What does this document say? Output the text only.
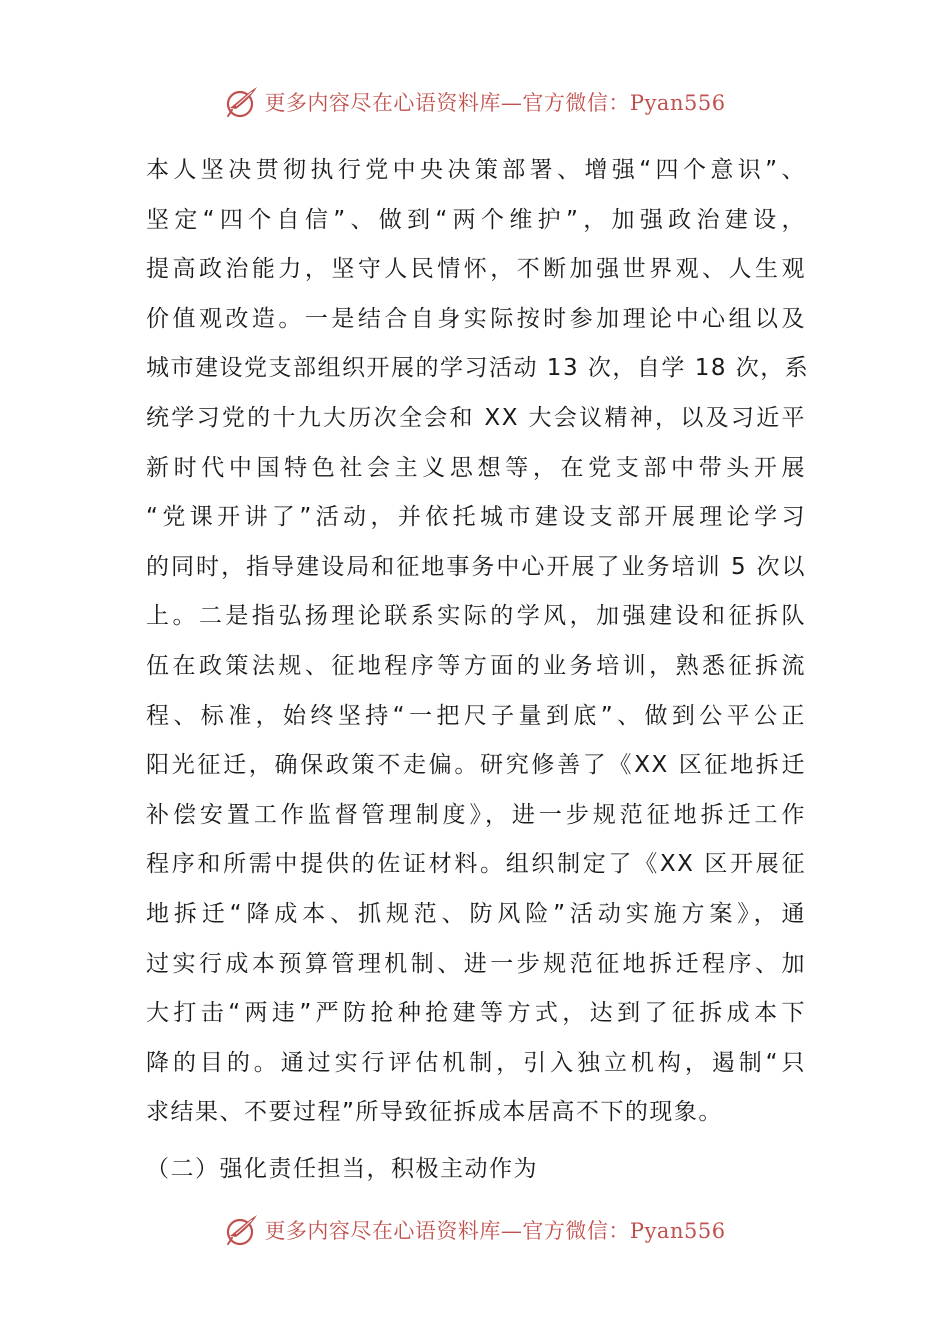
更多内容尽在心语资料库—官方微信：Pyan556
本人坚决贯彻执行党中央决策部署、增强“四个意识”、
坚定“四个自信”、做到“两个维护”，加强政治建设，
提高政治能力，坚守人民情怀，不断加强世界观、人生观
价值观改造。一是结合自身实际按时参加理论中心组以及
城市建设党支部组织开展的学习活动 13 次，自学 18 次，系
统学习党的十九大历次全会和 XX 大会议精神，以及习近平
新时代中国特色社会主义思想等，在党支部中带头开展
“党课开讲了”活动，并依托城市建设支部开展理论学习
的同时，指导建设局和征地事务中心开展了业务培训 5 次以
上。二是指弘扬理论联系实际的学风，加强建设和征拆队
伍在政策法规、征地程序等方面的业务培训，熟悉征拆流
程、标准，始终坚持“一把尺子量到底”、做到公平公正
阳光征迁，确保政策不走偏。研究修善了《XX 区征地拆迁
补偿安置工作监督管理制度》，进一步规范征地拆迁工作
程序和所需中提供的佐证材料。组织制定了《XX 区开展征
地拆迁“降成本、抓规范、防风险”活动实施方案》，通
过实行成本预算管理机制、进一步规范征地拆迁程序、加
大打击“两违”严防抢种抢建等方式，达到了征拆成本下
降的目的。通过实行评估机制，引入独立机构，遏制“只
求结果、不要过程”所导致征拆成本居高不下的现象。
（二）强化责任担当，积极主动作为
更多内容尽在心语资料库—官方微信：Pyan556
